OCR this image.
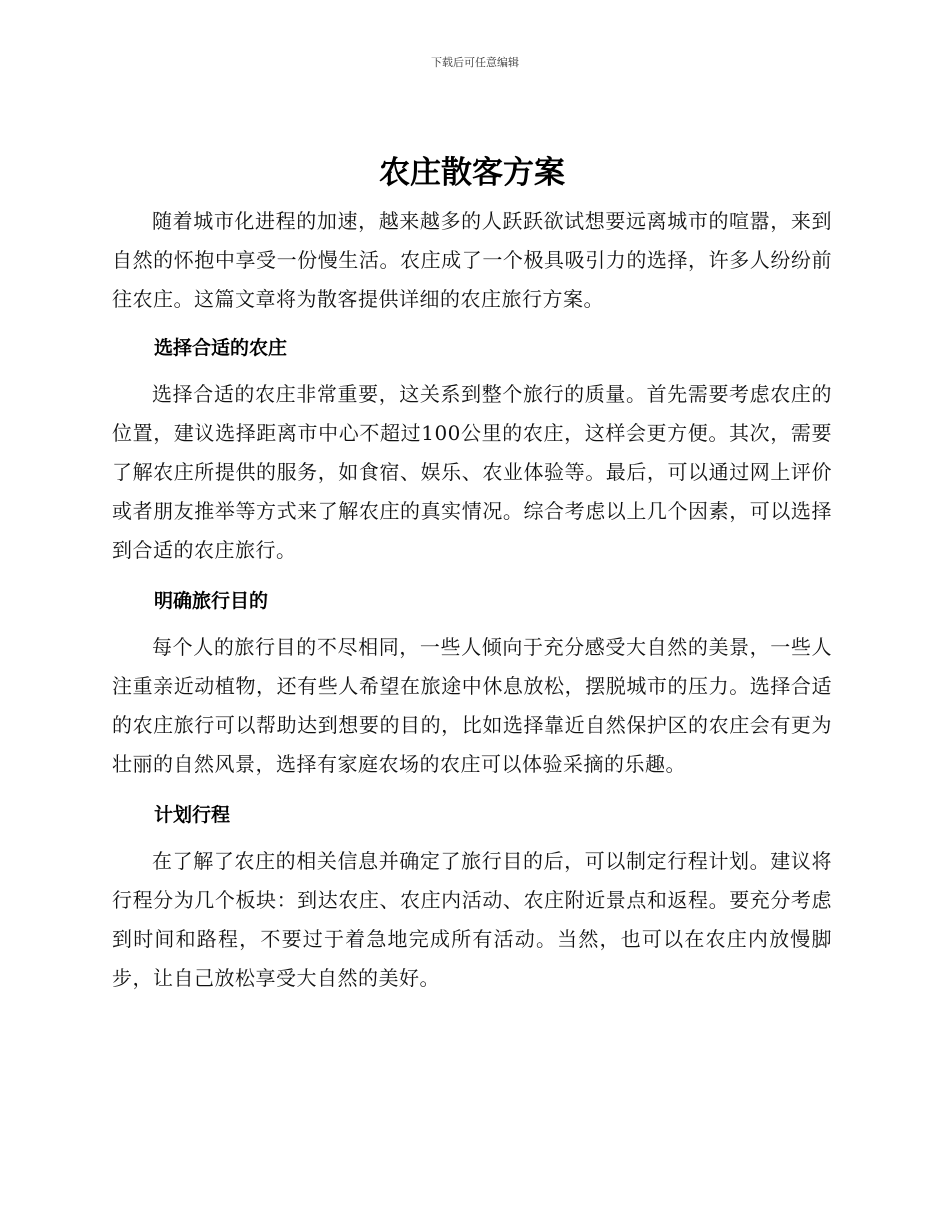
下载后可任意编辑
农庄散客方案

随着城市化进程的加速，越来越多的人跃跃欲试想要远离城市的喧嚣，来到自然的怀抱中享受一份慢生活。农庄成了一个极具吸引力的选择，许多人纷纷前往农庄。这篇文章将为散客提供详细的农庄旅行方案。

选择合适的农庄

选择合适的农庄非常重要，这关系到整个旅行的质量。首先需要考虑农庄的位置，建议选择距离市中心不超过100公里的农庄，这样会更方便。其次，需要了解农庄所提供的服务，如食宿、娱乐、农业体验等。最后，可以通过网上评价或者朋友推举等方式来了解农庄的真实情况。综合考虑以上几个因素，可以选择到合适的农庄旅行。

明确旅行目的

每个人的旅行目的不尽相同，一些人倾向于充分感受大自然的美景，一些人注重亲近动植物，还有些人希望在旅途中休息放松，摆脱城市的压力。选择合适的农庄旅行可以帮助达到想要的目的，比如选择靠近自然保护区的农庄会有更为壮丽的自然风景，选择有家庭农场的农庄可以体验采摘的乐趣。

计划行程

在了解了农庄的相关信息并确定了旅行目的后，可以制定行程计划。建议将行程分为几个板块：到达农庄、农庄内活动、农庄附近景点和返程。要充分考虑到时间和路程，不要过于着急地完成所有活动。当然，也可以在农庄内放慢脚步，让自己放松享受大自然的美好。
